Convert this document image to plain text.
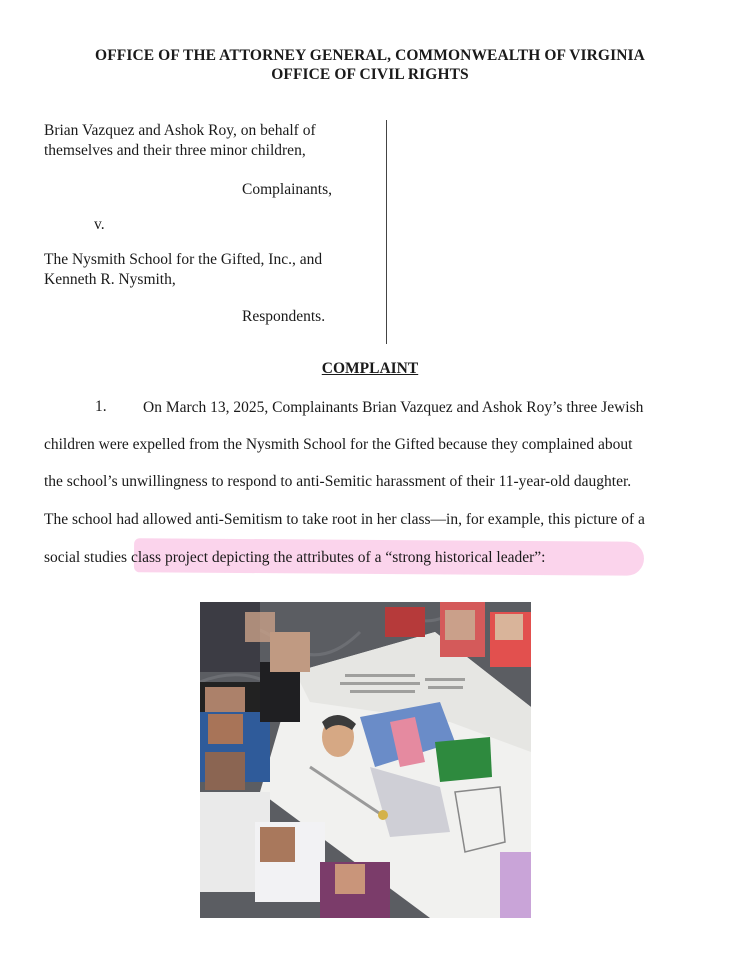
OFFICE OF THE ATTORNEY GENERAL, COMMONWEALTH OF VIRGINIA
OFFICE OF CIVIL RIGHTS
Brian Vazquez and Ashok Roy, on behalf of
themselves and their three minor children,
Complainants,
v.
The Nysmith School for the Gifted, Inc., and
Kenneth R. Nysmith,
Respondents.
COMPLAINT
1. On March 13, 2025, Complainants Brian Vazquez and Ashok Roy’s three Jewish
children were expelled from the Nysmith School for the Gifted because they complained about
the school’s unwillingness to respond to anti-Semitic harassment of their 11-year-old daughter.
The school had allowed anti-Semitism to take root in her class—in, for example, this picture of a
social studies class project depicting the attributes of a “strong historical leader”:
